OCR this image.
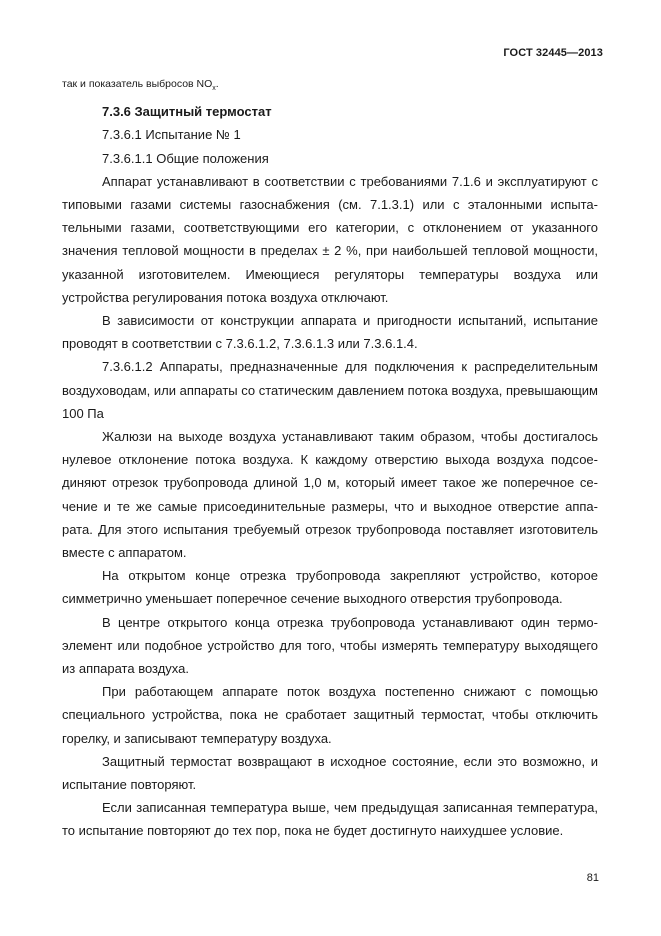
ГОСТ 32445—2013

так и показатель выбросов $NO_x$.

7.3.6 Защитный термостат

7.3.6.1 Испытание № 1

7.3.6.1.1 Общие положения

Аппарат устанавливают в соответствии с требованиями 7.1.6 и эксплуатируют с типовыми газами системы газоснабжения (см. 7.1.3.1) или с эталонными испытательными газами, соответствующими его категории, с отклонением от указанного значения тепловой мощности в пределах ± 2 %, при наибольшей тепловой мощности, указанной изготовителем. Имеющиеся регуляторы температуры воздуха или устройства регулирования потока воздуха отключают.

В зависимости от конструкции аппарата и пригодности испытаний, испытание проводят в соответствии с 7.3.6.1.2, 7.3.6.1.3 или 7.3.6.1.4.

7.3.6.1.2 Аппараты, предназначенные для подключения к распределительным воздуховодам, или аппараты со статическим давлением потока воздуха, превышающим 100 Па

Жалюзи на выходе воздуха устанавливают таким образом, чтобы достигалось нулевое отклонение потока воздуха. К каждому отверстию выхода воздуха подсоединяют отрезок трубопровода длиной 1,0 м, который имеет такое же поперечное сечение и те же самые присоединительные размеры, что и выходное отверстие аппарата. Для этого испытания требуемый отрезок трубопровода поставляет изготовитель вместе с аппаратом.

На открытом конце отрезка трубопровода закрепляют устройство, которое симметрично уменьшает поперечное сечение выходного отверстия трубопровода.

В центре открытого конца отрезка трубопровода устанавливают один термоэлемент или подобное устройство для того, чтобы измерять температуру выходящего из аппарата воздуха.

При работающем аппарате поток воздуха постепенно снижают с помощью специального устройства, пока не сработает защитный термостат, чтобы отключить горелку, и записывают температуру воздуха.

Защитный термостат возвращают в исходное состояние, если это возможно, и испытание повторяют.

Если записанная температура выше, чем предыдущая записанная температура, то испытание повторяют до тех пор, пока не будет достигнуто наихудшее условие.

81
